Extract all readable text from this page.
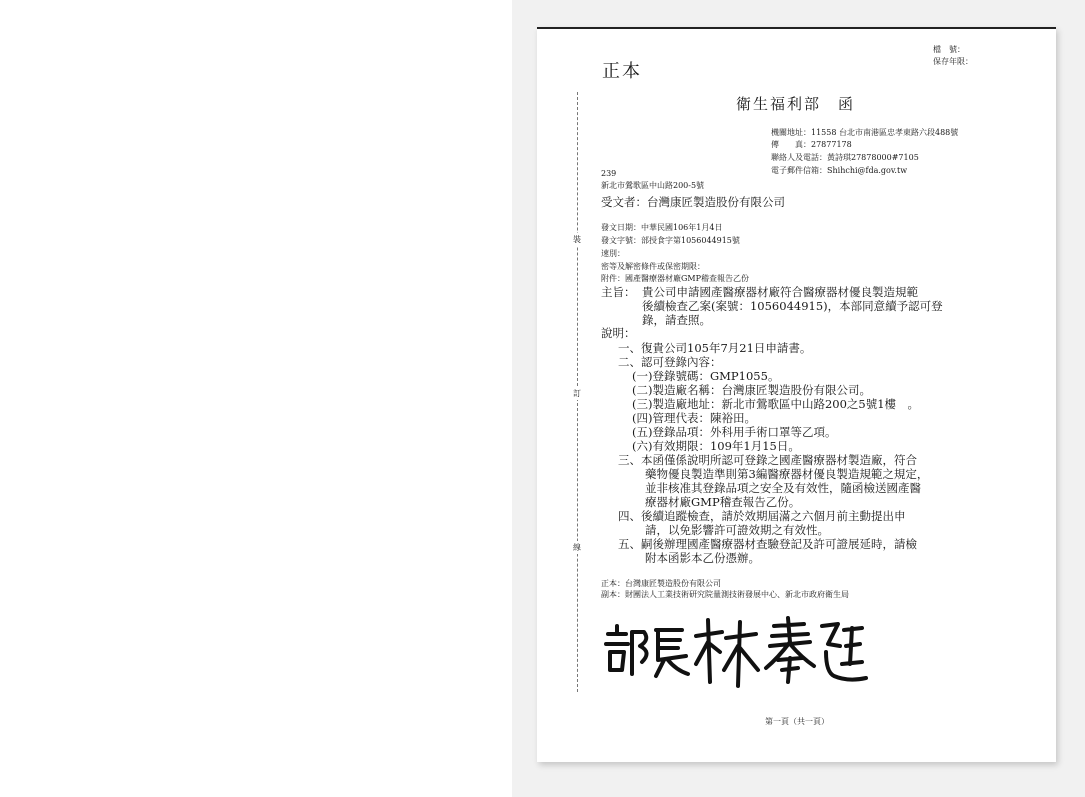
裝
訂
線
正本
檔　號：
保存年限：
衛生福利部　函
機關地址：11558 台北市南港區忠孝東路六段488號
傳　　真：27877178
聯絡人及電話：黃詩琪27878000#7105
電子郵件信箱：Shihchi@fda.gov.tw
239
新北市鶯歌區中山路200-5號
受文者：台灣康匠製造股份有限公司
發文日期：中華民國106年1月4日
發文字號：部授食字第1056044915號
速別：
密等及解密條件或保密期限：
附件：國產醫療器材廠GMP稽查報告乙份
主旨： 貴公司申請國產醫療器材廠符合醫療器材優良製造規範
後續檢查乙案(案號：1056044915)，本部同意續予認可登
錄，請查照。
說明：
一、復貴公司105年7月21日申請書。
二、認可登錄內容：
(一)登錄號碼：GMP1055。
(二)製造廠名稱：台灣康匠製造股份有限公司。
(三)製造廠地址：新北市鶯歌區中山路200之5號1樓　。
(四)管理代表：陳裕田。
(五)登錄品項：外科用手術口罩等乙項。
(六)有效期限：109年1月15日。
三、本函僅係說明所認可登錄之國產醫療器材製造廠，符合
藥物優良製造準則第3編醫療器材優良製造規範之規定，
並非核准其登錄品項之安全及有效性，隨函檢送國產醫
療器材廠GMP稽查報告乙份。
四、後續追蹤檢查，請於效期屆滿之六個月前主動提出申
請，以免影響許可證效期之有效性。
五、嗣後辦理國產醫療器材查驗登記及許可證展延時，請檢
附本函影本乙份憑辦。
正本：台灣康匠製造股份有限公司
副本：財團法人工業技術研究院量測技術發展中心、新北市政府衛生局
第一頁（共一頁）
